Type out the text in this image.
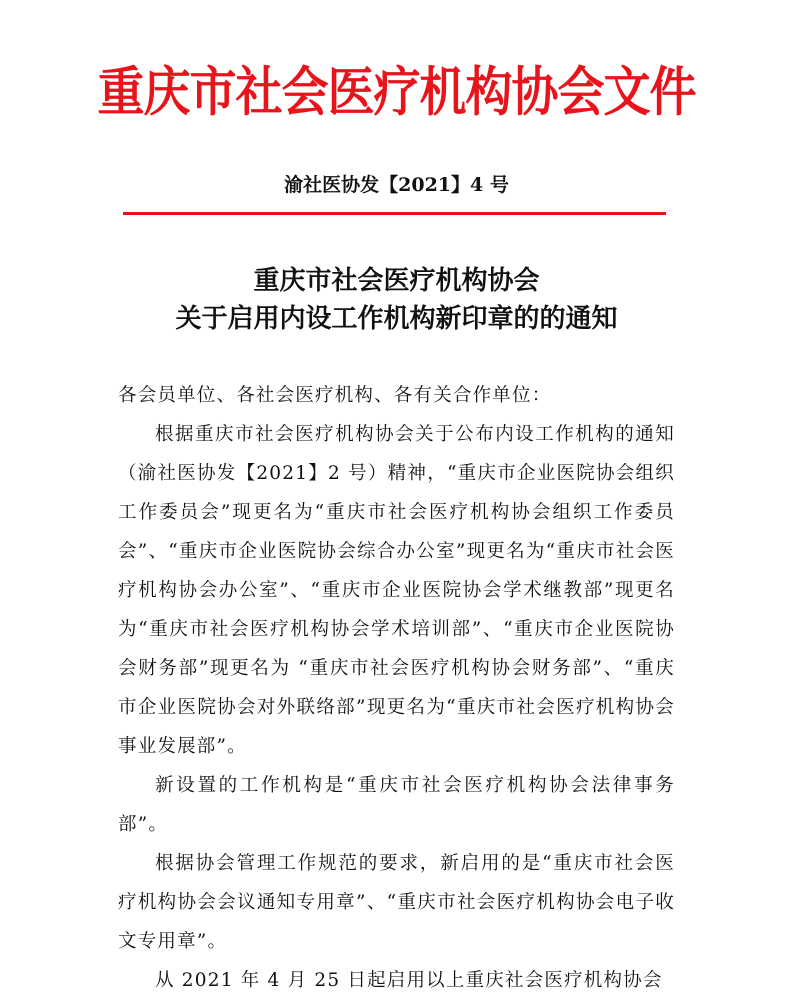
重庆市社会医疗机构协会文件
渝社医协发【2021】4 号
重庆市社会医疗机构协会
关于启用内设工作机构新印章的的通知
各会员单位、各社会医疗机构、各有关合作单位：

根据重庆市社会医疗机构协会关于公布内设工作机构的通知（渝社医协发【2021】2 号）精神，“重庆市企业医院协会组织工作委员会”现更名为“重庆市社会医疗机构协会组织工作委员会”、“重庆市企业医院协会综合办公室”现更名为“重庆市社会医疗机构协会办公室”、“重庆市企业医院协会学术继教部”现更名为“重庆市社会医疗机构协会学术培训部”、“重庆市企业医院协会财务部”现更名为 “重庆市社会医疗机构协会财务部”、“重庆市企业医院协会对外联络部”现更名为“重庆市社会医疗机构协会事业发展部”。

新设置的工作机构是“重庆市社会医疗机构协会法律事务部”。

根据协会管理工作规范的要求，新启用的是“重庆市社会医疗机构协会会议通知专用章”、“重庆市社会医疗机构协会电子收文专用章”。

从 2021 年 4 月 25 日起启用以上重庆社会医疗机构协会
